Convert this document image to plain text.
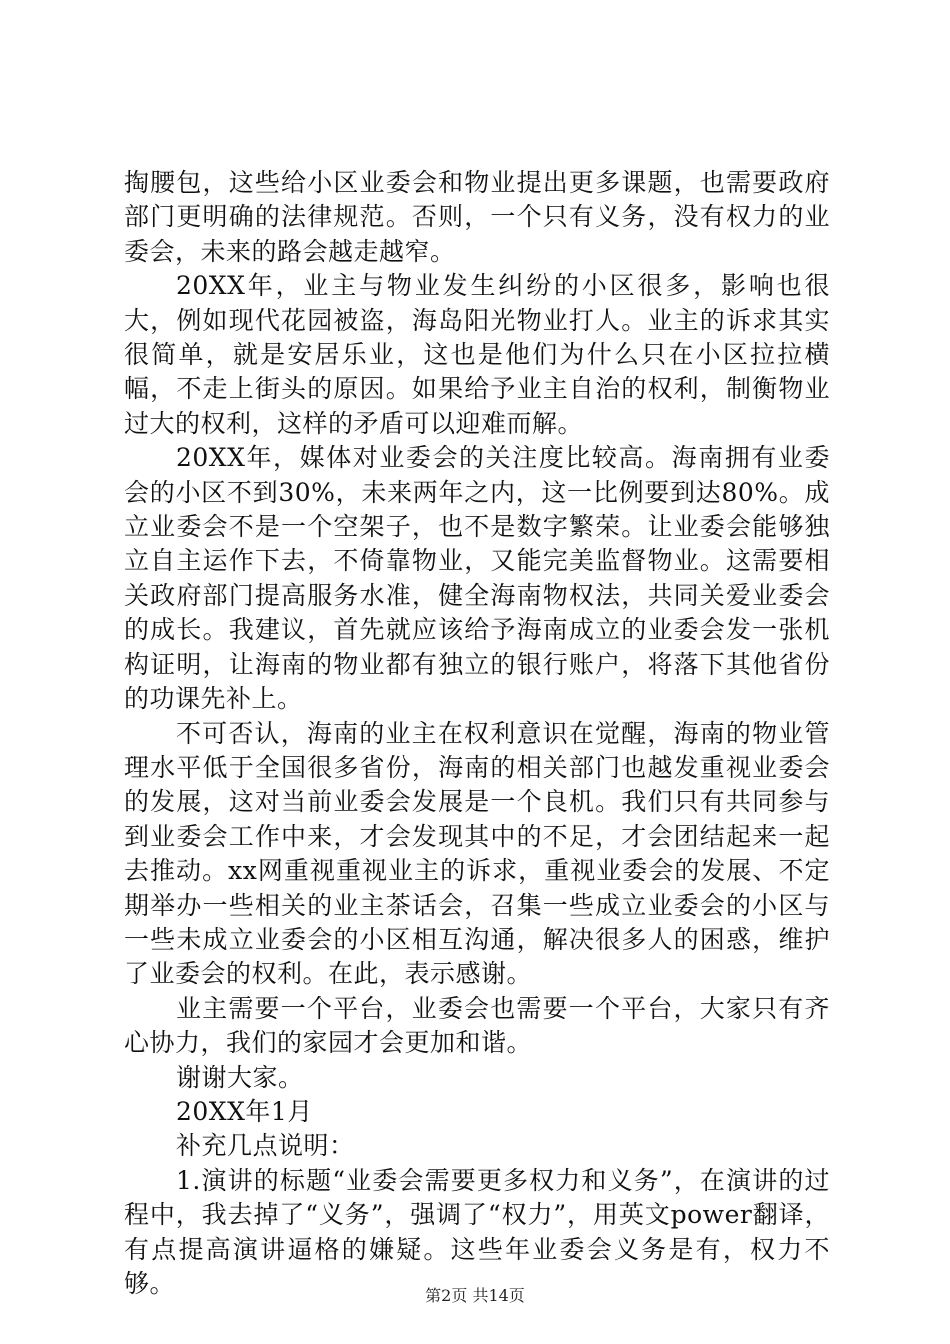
掏腰包，这些给小区业委会和物业提出更多课题，也需要政府部门更明确的法律规范。否则，一个只有义务，没有权力的业委会，未来的路会越走越窄。

20XX年，业主与物业发生纠纷的小区很多，影响也很大，例如现代花园被盗，海岛阳光物业打人。业主的诉求其实很简单，就是安居乐业，这也是他们为什么只在小区拉拉横幅，不走上街头的原因。如果给予业主自治的权利，制衡物业过大的权利，这样的矛盾可以迎难而解。

20XX年，媒体对业委会的关注度比较高。海南拥有业委会的小区不到30%，未来两年之内，这一比例要到达80%。成立业委会不是一个空架子，也不是数字繁荣。让业委会能够独立自主运作下去，不倚靠物业，又能完美监督物业。这需要相关政府部门提高服务水准，健全海南物权法，共同关爱业委会的成长。我建议，首先就应该给予海南成立的业委会发一张机构证明，让海南的物业都有独立的银行账户，将落下其他省份的功课先补上。

不可否认，海南的业主在权利意识在觉醒，海南的物业管理水平低于全国很多省份，海南的相关部门也越发重视业委会的发展，这对当前业委会发展是一个良机。我们只有共同参与到业委会工作中来，才会发现其中的不足，才会团结起来一起去推动。xx网重视重视业主的诉求，重视业委会的发展、不定期举办一些相关的业主茶话会，召集一些成立业委会的小区与一些未成立业委会的小区相互沟通，解决很多人的困惑，维护了业委会的权利。在此，表示感谢。

业主需要一个平台，业委会也需要一个平台，大家只有齐心协力，我们的家园才会更加和谐。

谢谢大家。

20XX年1月

补充几点说明：

1.演讲的标题“业委会需要更多权力和义务”，在演讲的过程中，我去掉了“义务”，强调了“权力”，用英文power翻译，有点提高演讲逼格的嫌疑。这些年业委会义务是有，权力不够。	第2页 共14页
